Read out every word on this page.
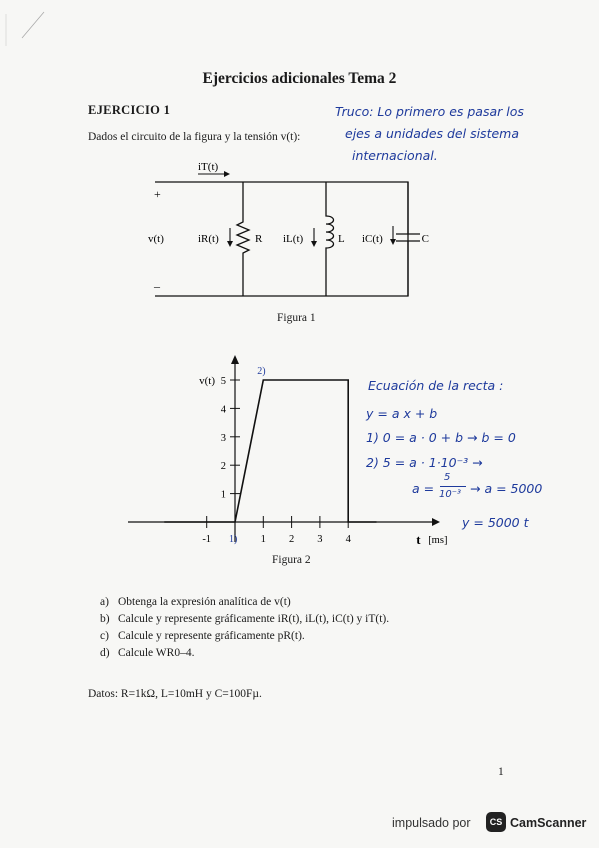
Ejercicios adicionales Tema 2
EJERCICIO 1
Dados el circuito de la figura y la tensión v(t):
Truco: Lo primero es pasar los
ejes a unidades del sistema
internacional.
iT(t)
+
–
v(t)	iR(t)	R iL(t)	L iC(t)	C
Figura 1
-1	1 2 3 4
1
2
3
4
5
v(t)
t [ms]
1)
2)
Figura 2
Ecuación de la recta :
y = a x + b
1) 0 = a · 0 + b → b = 0
2) 5 = a · 1·10⁻³ →
a =
5
10⁻³ → a = 5000
y = 5000 t
a) Obtenga la expresión analítica de v(t)
b) Calcule y represente gráficamente iR(t), iL(t), iC(t) y iT(t).
c) Calcule y represente gráficamente pR(t).
d) Calcule WR0–4.
Datos: R=1kΩ, L=10mH y C=100Fµ.
1
impulsado por	CS CamScanner
